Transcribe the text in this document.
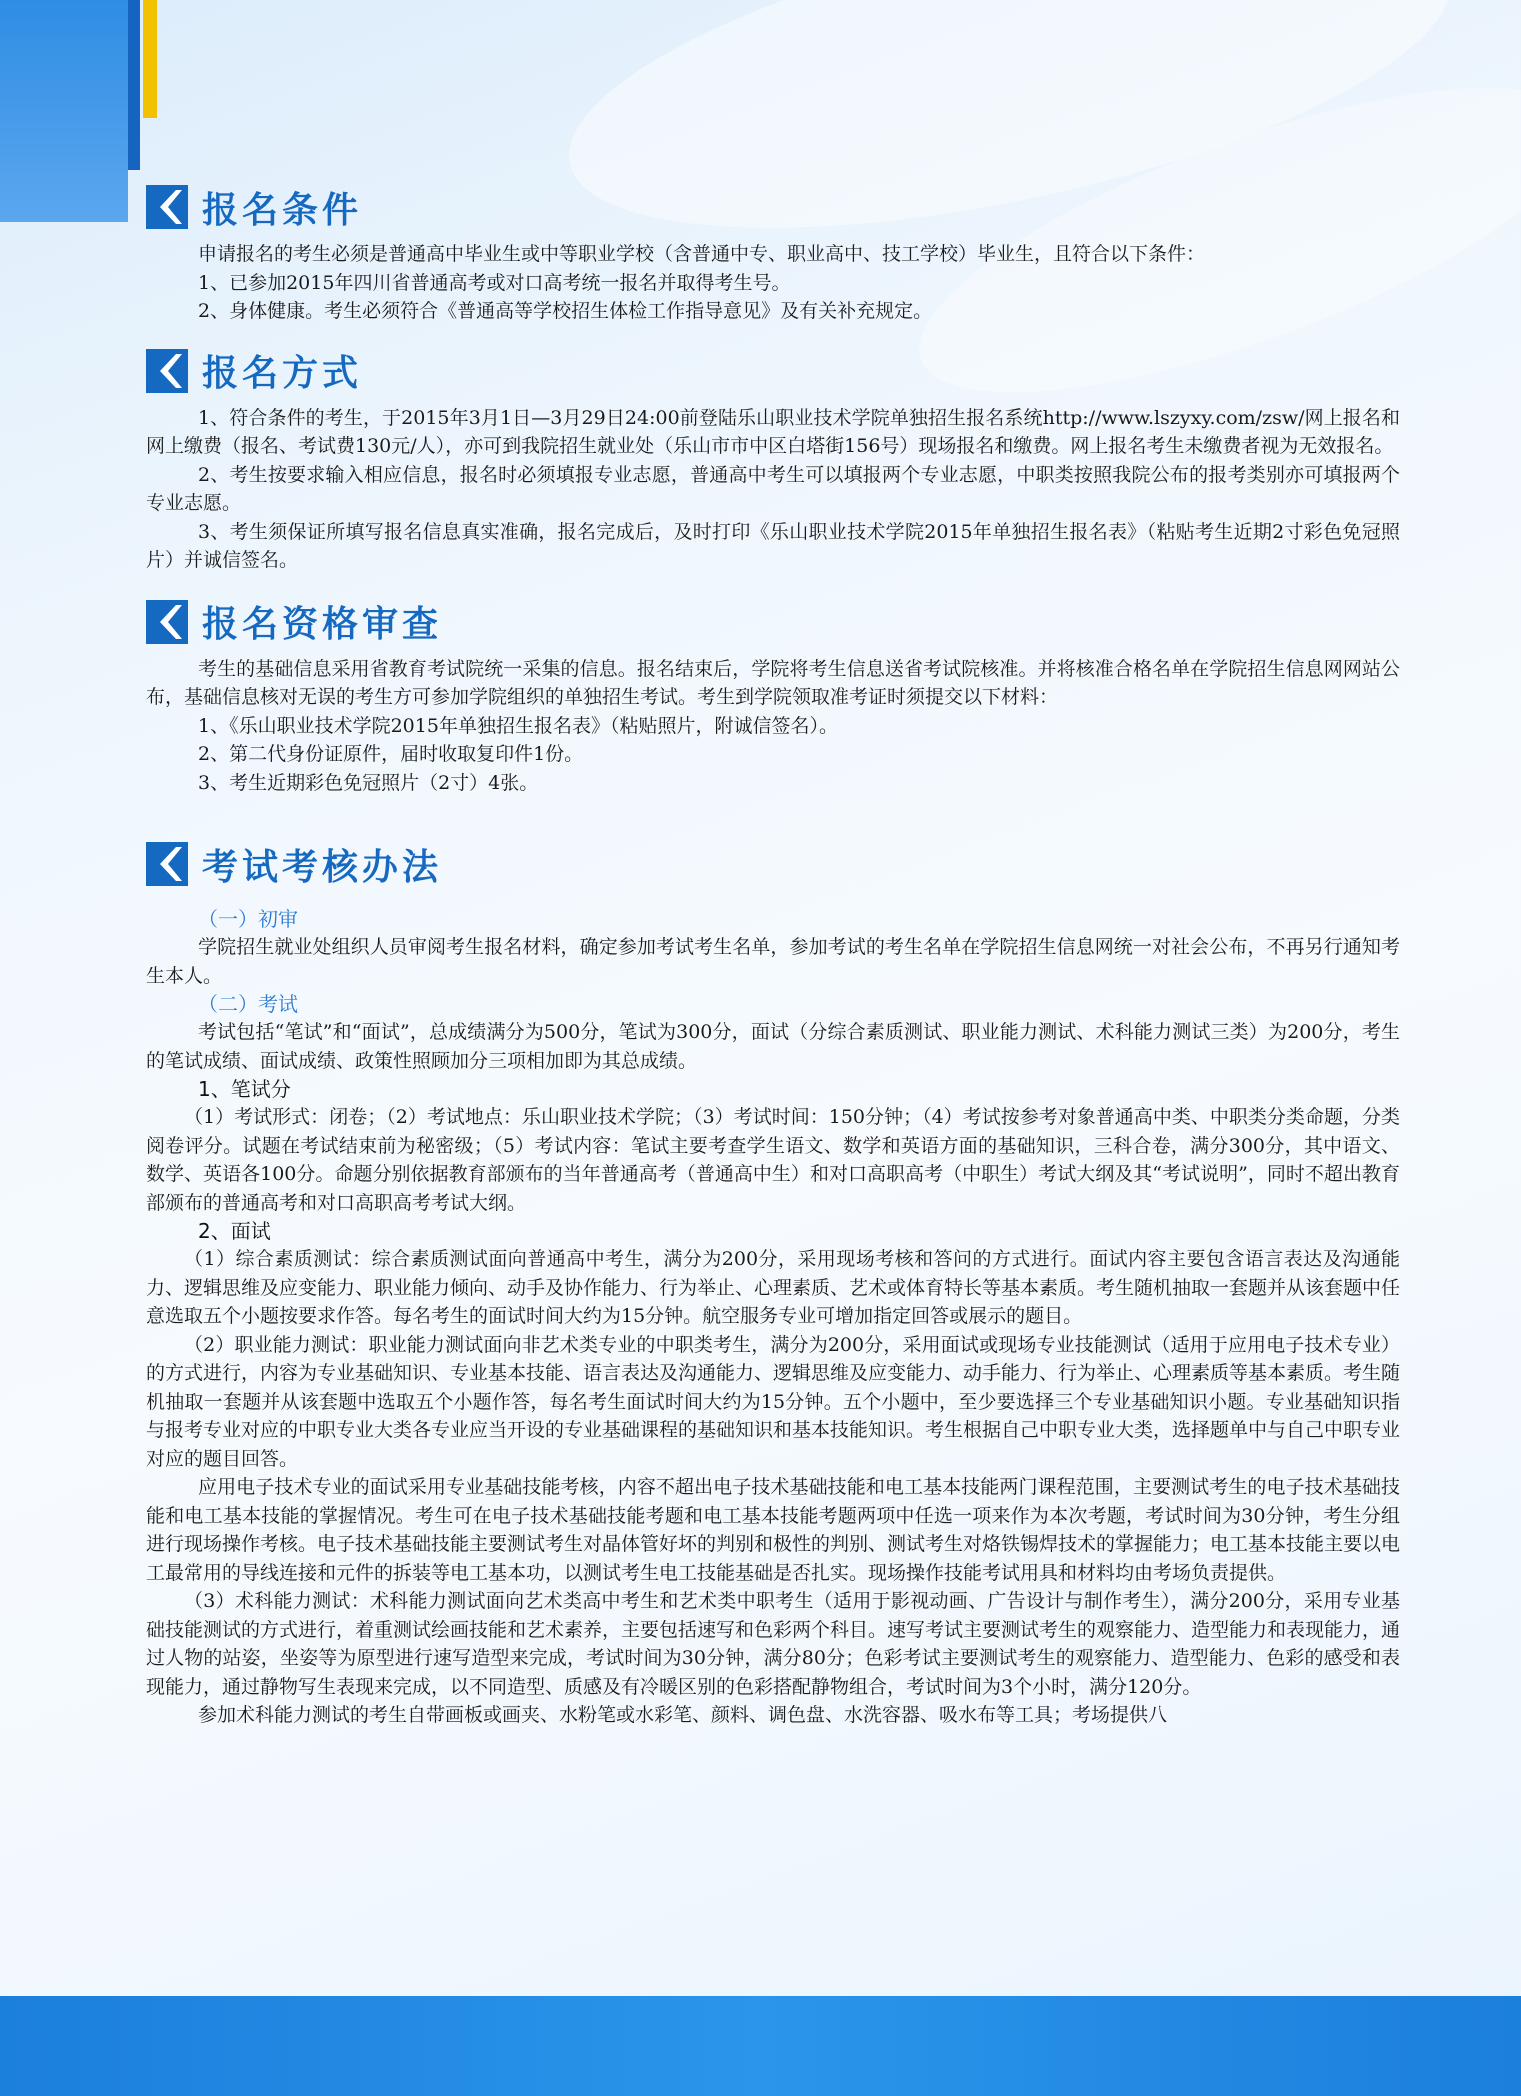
报名条件

申请报名的考生必须是普通高中毕业生或中等职业学校（含普通中专、职业高中、技工学校）毕业生，且符合以下条件：

1、已参加2015年四川省普通高考或对口高考统一报名并取得考生号。

2、身体健康。考生必须符合《普通高等学校招生体检工作指导意见》及有关补充规定。

报名方式

1、符合条件的考生，于2015年3月1日—3月29日24:00前登陆乐山职业技术学院单独招生报名系统http://www.lszyxy.com/zsw/网上报名和网上缴费（报名、考试费130元/人），亦可到我院招生就业处（乐山市市中区白塔街156号）现场报名和缴费。网上报名考生未缴费者视为无效报名。

2、考生按要求输入相应信息，报名时必须填报专业志愿，普通高中考生可以填报两个专业志愿，中职类按照我院公布的报考类别亦可填报两个专业志愿。

3、考生须保证所填写报名信息真实准确，报名完成后，及时打印《乐山职业技术学院2015年单独招生报名表》（粘贴考生近期2寸彩色免冠照片）并诚信签名。

报名资格审查

考生的基础信息采用省教育考试院统一采集的信息。报名结束后，学院将考生信息送省考试院核准。并将核准合格名单在学院招生信息网网站公布，基础信息核对无误的考生方可参加学院组织的单独招生考试。考生到学院领取准考证时须提交以下材料：

1、《乐山职业技术学院2015年单独招生报名表》（粘贴照片，附诚信签名）。

2、第二代身份证原件，届时收取复印件1份。

3、考生近期彩色免冠照片（2寸）4张。

考试考核办法
（一）初审

学院招生就业处组织人员审阅考生报名材料，确定参加考试考生名单，参加考试的考生名单在学院招生信息网统一对社会公布，不再另行通知考生本人。

（二）考试

考试包括“笔试”和“面试”，总成绩满分为500分，笔试为300分，面试（分综合素质测试、职业能力测试、术科能力测试三类）为200分，考生的笔试成绩、面试成绩、政策性照顾加分三项相加即为其总成绩。

1、笔试分

（1）考试形式：闭卷；（2）考试地点：乐山职业技术学院；（3）考试时间：150分钟；（4）考试按参考对象普通高中类、中职类分类命题，分类阅卷评分。试题在考试结束前为秘密级；（5）考试内容：笔试主要考查学生语文、数学和英语方面的基础知识，三科合卷，满分300分，其中语文、数学、英语各100分。命题分别依据教育部颁布的当年普通高考（普通高中生）和对口高职高考（中职生）考试大纲及其“考试说明”，同时不超出教育部颁布的普通高考和对口高职高考考试大纲。

2、面试

（1）综合素质测试：综合素质测试面向普通高中考生，满分为200分，采用现场考核和答问的方式进行。面试内容主要包含语言表达及沟通能力、逻辑思维及应变能力、职业能力倾向、动手及协作能力、行为举止、心理素质、艺术或体育特长等基本素质。考生随机抽取一套题并从该套题中任意选取五个小题按要求作答。每名考生的面试时间大约为15分钟。航空服务专业可增加指定回答或展示的题目。

（2）职业能力测试：职业能力测试面向非艺术类专业的中职类考生，满分为200分，采用面试或现场专业技能测试（适用于应用电子技术专业）的方式进行，内容为专业基础知识、专业基本技能、语言表达及沟通能力、逻辑思维及应变能力、动手能力、行为举止、心理素质等基本素质。考生随机抽取一套题并从该套题中选取五个小题作答，每名考生面试时间大约为15分钟。五个小题中，至少要选择三个专业基础知识小题。专业基础知识指与报考专业对应的中职专业大类各专业应当开设的专业基础课程的基础知识和基本技能知识。考生根据自己中职专业大类，选择题单中与自己中职专业对应的题目回答。

应用电子技术专业的面试采用专业基础技能考核，内容不超出电子技术基础技能和电工基本技能两门课程范围，主要测试考生的电子技术基础技能和电工基本技能的掌握情况。考生可在电子技术基础技能考题和电工基本技能考题两项中任选一项来作为本次考题，考试时间为30分钟，考生分组进行现场操作考核。电子技术基础技能主要测试考生对晶体管好坏的判别和极性的判别、测试考生对烙铁锡焊技术的掌握能力；电工基本技能主要以电工最常用的导线连接和元件的拆装等电工基本功，以测试考生电工技能基础是否扎实。现场操作技能考试用具和材料均由考场负责提供。

（3）术科能力测试：术科能力测试面向艺术类高中考生和艺术类中职考生（适用于影视动画、广告设计与制作考生），满分200分，采用专业基础技能测试的方式进行，着重测试绘画技能和艺术素养，主要包括速写和色彩两个科目。速写考试主要测试考生的观察能力、造型能力和表现能力，通过人物的站姿，坐姿等为原型进行速写造型来完成，考试时间为30分钟，满分80分；色彩考试主要测试考生的观察能力、造型能力、色彩的感受和表现能力，通过静物写生表现来完成，以不同造型、质感及有冷暖区别的色彩搭配静物组合，考试时间为3个小时，满分120分。

参加术科能力测试的考生自带画板或画夹、水粉笔或水彩笔、颜料、调色盘、水洗容器、吸水布等工具；考场提供八
